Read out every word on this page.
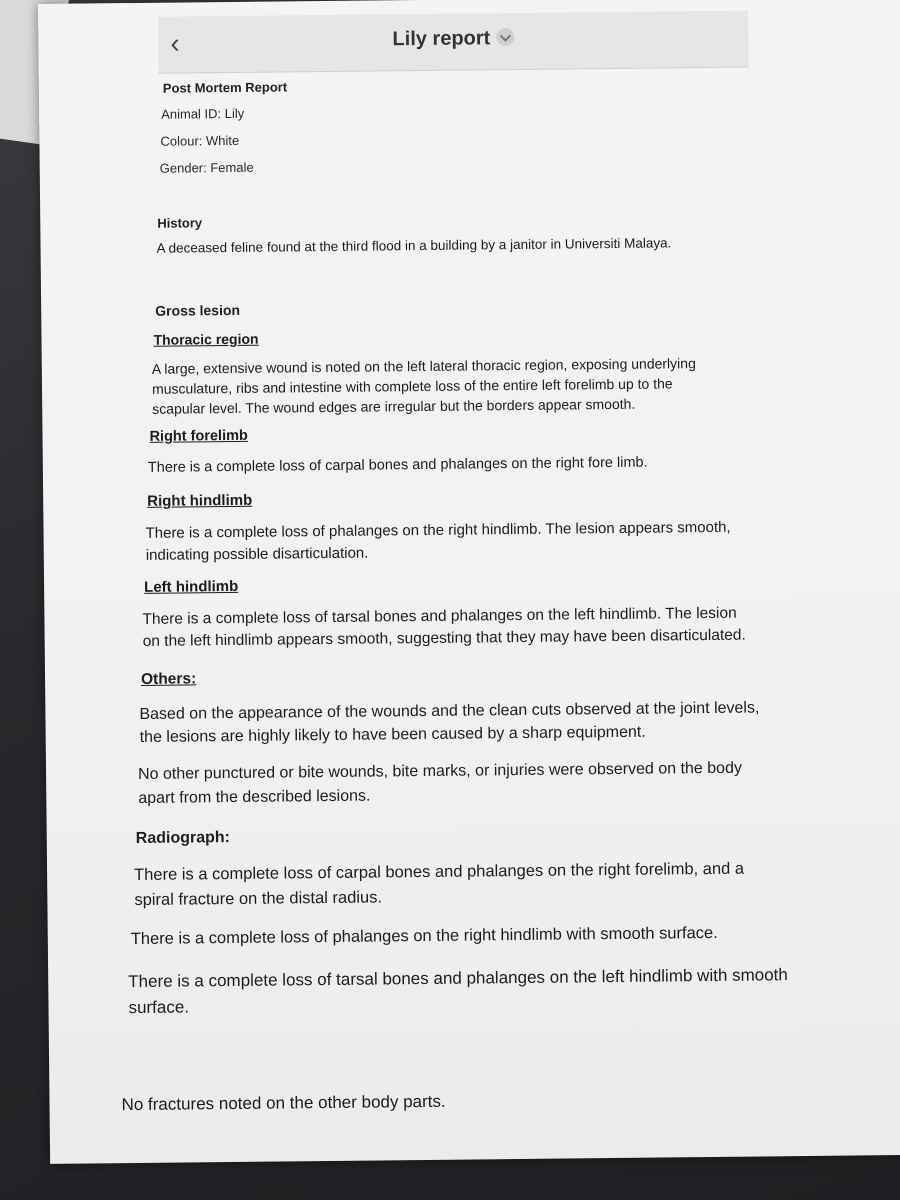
‹	Lily report
Post Mortem Report
Animal ID: Lily
Colour: White
Gender: Female
History
A deceased feline found at the third flood in a building by a janitor in Universiti Malaya.
Gross lesion
Thoracic region
A large, extensive wound is noted on the left lateral thoracic region, exposing underlying
musculature, ribs and intestine with complete loss of the entire left forelimb up to the
scapular level. The wound edges are irregular but the borders appear smooth.
Right forelimb
There is a complete loss of carpal bones and phalanges on the right fore limb.
Right hindlimb
There is a complete loss of phalanges on the right hindlimb. The lesion appears smooth,
indicating possible disarticulation.
Left hindlimb
There is a complete loss of tarsal bones and phalanges on the left hindlimb. The lesion
on the left hindlimb appears smooth, suggesting that they may have been disarticulated.
Others:
Based on the appearance of the wounds and the clean cuts observed at the joint levels,
the lesions are highly likely to have been caused by a sharp equipment.
No other punctured or bite wounds, bite marks, or injuries were observed on the body
apart from the described lesions.
Radiograph:
There is a complete loss of carpal bones and phalanges on the right forelimb, and a
spiral fracture on the distal radius.
There is a complete loss of phalanges on the right hindlimb with smooth surface.
There is a complete loss of tarsal bones and phalanges on the left hindlimb with smooth
surface.
No fractures noted on the other body parts.
